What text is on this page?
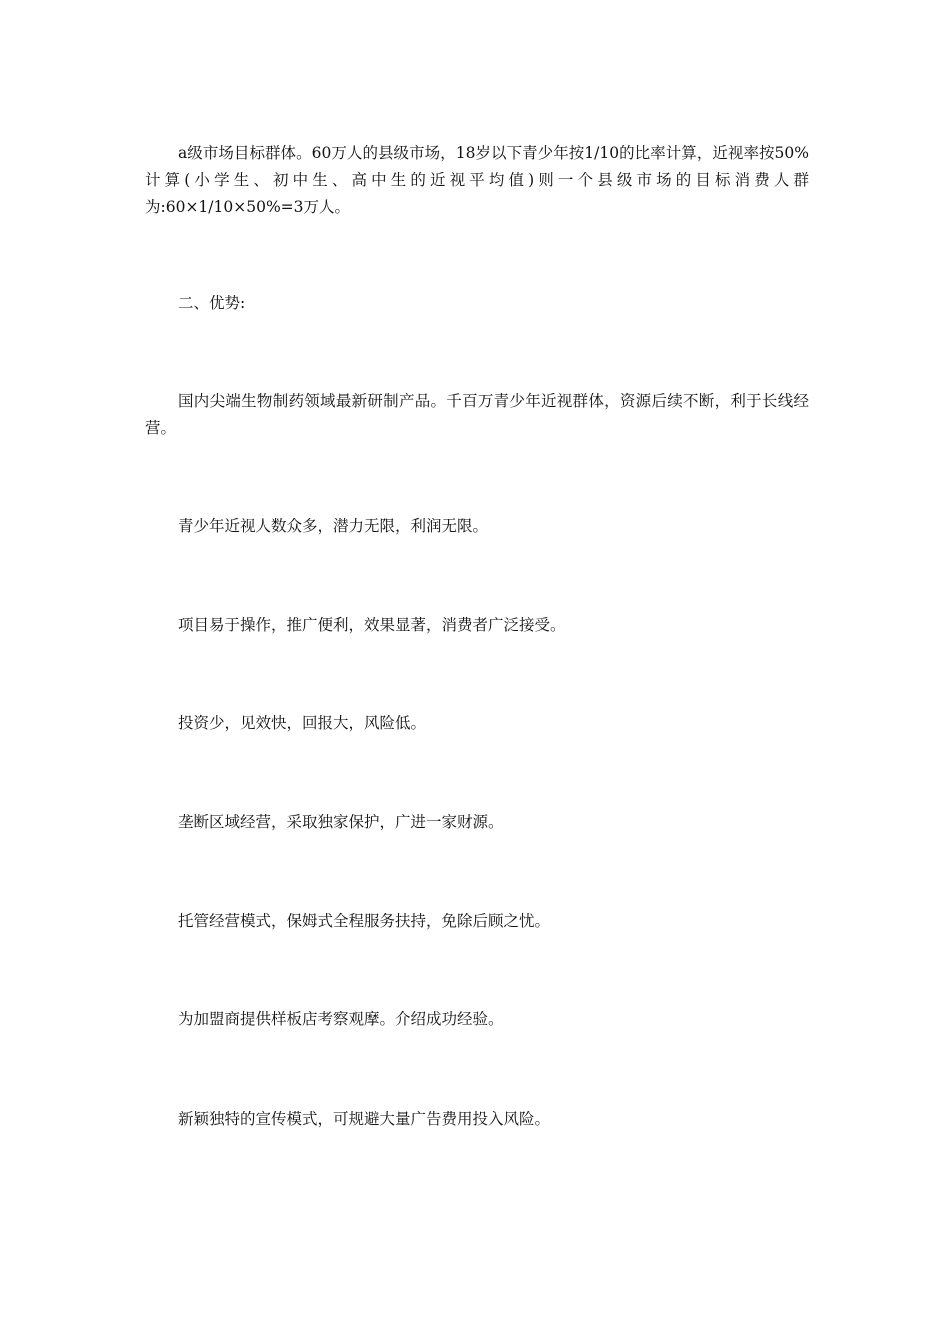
a级市场目标群体。60万人的县级市场，18岁以下青少年按1/10的比率计算，近视率按50%计算(小学生、初中生、高中生的近视平均值)则一个县级市场的目标消费人群为:60×1/10×50%=3万人。

二、优势:

国内尖端生物制药领域最新研制产品。千百万青少年近视群体，资源后续不断，利于长线经营。

青少年近视人数众多，潜力无限，利润无限。

项目易于操作，推广便利，效果显著，消费者广泛接受。

投资少，见效快，回报大，风险低。

垄断区域经营，采取独家保护，广进一家财源。

托管经营模式，保姆式全程服务扶持，免除后顾之忧。

为加盟商提供样板店考察观摩。介绍成功经验。

新颖独特的宣传模式，可规避大量广告费用投入风险。
